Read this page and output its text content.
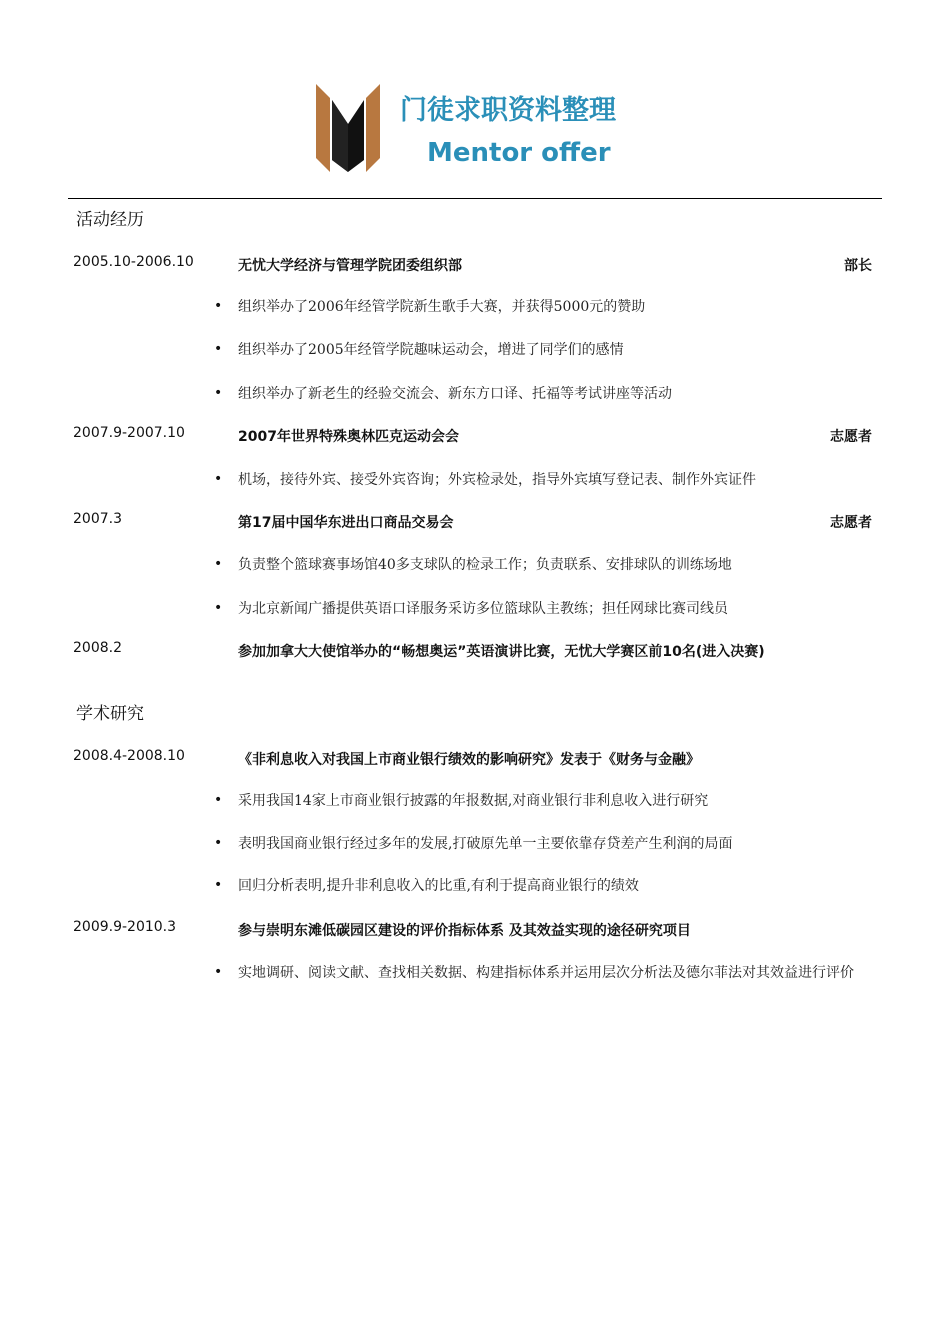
门徒求职资料整理
Mentor offer
活动经历
2005.10-2006.10	无忧大学经济与管理学院团委组织部	部长
• 组织举办了2006年经管学院新生歌手大赛，并获得5000元的赞助
• 组织举办了2005年经管学院趣味运动会，增进了同学们的感情
• 组织举办了新老生的经验交流会、新东方口译、托福等考试讲座等活动
2007.9-2007.10	2007年世界特殊奥林匹克运动会会	志愿者
• 机场，接待外宾、接受外宾咨询；外宾检录处，指导外宾填写登记表、制作外宾证件
2007.3	第17届中国华东进出口商品交易会	志愿者
• 负责整个篮球赛事场馆40多支球队的检录工作；负责联系、安排球队的训练场地
• 为北京新闻广播提供英语口译服务采访多位篮球队主教练；担任网球比赛司线员
2008.2	参加加拿大大使馆举办的“畅想奥运”英语演讲比赛，无忧大学赛区前10名(进入决赛)
学术研究
2008.4-2008.10	《非利息收入对我国上市商业银行绩效的影响研究》发表于《财务与金融》
• 采用我国14家上市商业银行披露的年报数据,对商业银行非利息收入进行研究
• 表明我国商业银行经过多年的发展,打破原先单一主要依靠存贷差产生利润的局面
• 回归分析表明,提升非利息收入的比重,有利于提高商业银行的绩效
2009.9-2010.3	参与崇明东滩低碳园区建设的评价指标体系 及其效益实现的途径研究项目
• 实地调研、阅读文献、查找相关数据、构建指标体系并运用层次分析法及德尔菲法对其效益进行评价
